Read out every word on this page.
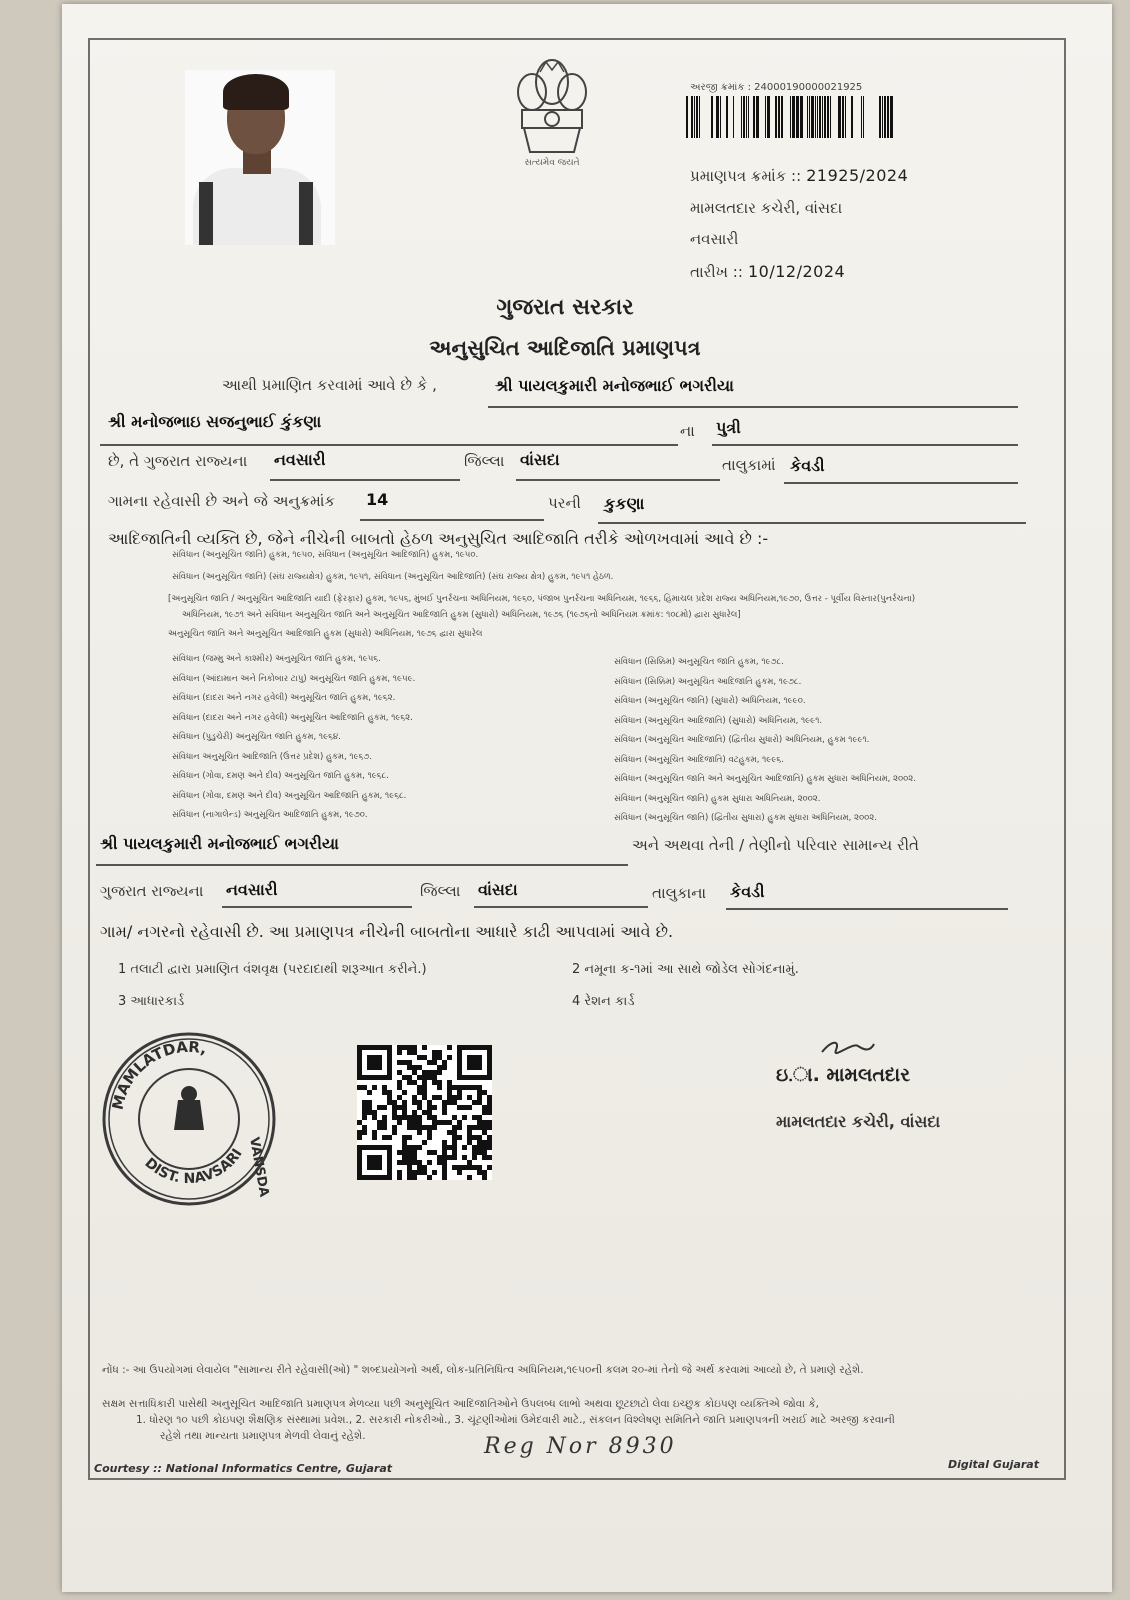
સત્યમેવ જયતે
અરજી ક્રમાંક : 24000190000021925
પ્રમાણપત્ર ક્રમાંક :: 21925/2024
મામલતદાર કચેરી, વાંસદા
નવસારી
તારીખ :: 10/12/2024
ગુજરાત સરકાર
અનુસુચિત આદિજાતિ પ્રમાણપત્ર
આથી પ્રમાણિત કરવામાં આવે છે કે ,	શ્રી પાયલકુમારી મનોજભાઈ ભગરીયા
શ્રી મનોજભાઇ સજનુભાઈ કુંકણા	ના પુત્રી
છે, તે ગુજરાત રાજ્યના નવસારી	જિલ્લા વાંસદા	તાલુકામાં કેવડી
ગામના રહેવાસી છે અને જે અનુક્રમાંક 14	પરની કુકણા
આદિજાતિની વ્યક્તિ છે, જેને નીચેની બાબતો હેઠળ અનુસુચિત આદિજાતિ તરીકે ઓળખવામાં આવે છે :-
સંવિધાન (અનુસૂચિત જાતિ) હુકમ, ૧૯૫૦, સંવિધાન (અનુસૂચિત આદિજાતિ) હુકમ, ૧૯૫૦.
સંવિધાન (અનુસૂચિત જાતિ) (સંઘ રાજ્યક્ષેત્ર) હુકમ, ૧૯૫૧, સંવિધાન (અનુસૂચિત આદિજાતિ) (સંઘ રાજ્ય ક્ષેત્ર) હુકમ, ૧૯૫૧ હેઠળ.
[અનુસૂચિત જાતિ / અનુસૂચિત આદિજાતિ યાદી (ફેરફાર) હુકમ, ૧૯૫૬, મુંબઈ પુનર્રચના અધિનિયમ, ૧૯૬૦, પંજાબ પુનર્રચના અધિનિયમ, ૧૯૬૬, હિમાચલ પ્રદેશ રાજ્ય અધિનિયમ,૧૯૭૦, ઉત્તર - પૂર્વીય વિસ્તાર(પુનર્રચના)
અધિનિયમ, ૧૯૭૧ અને સંવિધાન અનુસૂચિત જાતિ અને અનુસૂચિત આદિજાતિ હુકમ (સુધારો) અધિનિયમ, ૧૯૭૬ (૧૯૭૬નો અધિનિયમ ક્રમાંક: ૧૦૮મો) દ્વારા સુધારેલ]
અનુસૂચિત જાતિ અને અનુસૂચિત આદિજાતિ હુકમ (સુધારો) અધિનિયમ, ૧૯૭૬ દ્વારા સુધારેલ
સંવિધાન (જમ્મુ અને કાશ્મીર) અનુસૂચિત જાતિ હુકમ, ૧૯૫૬.
સંવિધાન (આંદામાન અને નિકોબાર ટાપુ) અનુસૂચિત જાતિ હુકમ, ૧૯૫૯.
સંવિધાન (દાદરા અને નગર હવેલી) અનુસૂચિત જાતિ હુકમ, ૧૯૬૨.
સંવિધાન (દાદરા અને નગર હવેલી) અનુસૂચિત આદિજાતિ હુકમ, ૧૯૬૨.
સંવિધાન (પુડુચેરી) અનુસૂચિત જાતિ હુકમ, ૧૯૬૪.
સંવિધાન અનુસૂચિત આદિજાતિ (ઉત્તર પ્રદેશ) હુકમ, ૧૯૬૭.
સંવિધાન (ગોવા, દમણ અને દીવ) અનુસૂચિત જાતિ હુકમ, ૧૯૬૮.
સંવિધાન (ગોવા, દમણ અને દીવ) અનુસૂચિત આદિજાતિ હુકમ, ૧૯૬૮.
સંવિધાન (નાગાલેન્ડ) અનુસૂચિત આદિજાતિ હુકમ, ૧૯૭૦.
સંવિધાન (સિક્કિમ) અનુસૂચિત જાતિ હુકમ, ૧૯૭૮.
સંવિધાન (સિક્કિમ) અનુસૂચિત આદિજાતિ હુકમ, ૧૯૭૮.
સંવિધાન (અનુસૂચિત જાતિ) (સુધારો) અધિનિયમ, ૧૯૯૦.
સંવિધાન (અનુસૂચિત આદિજાતિ) (સુધારો) અધિનિયમ, ૧૯૯૧.
સંવિધાન (અનુસૂચિત આદિજાતિ) (દ્વિતીય સુધારો) અધિનિયમ, હુકમ ૧૯૯૧.
સંવિધાન (અનુસૂચિત આદિજાતિ) વટહુકમ, ૧૯૯૬.
સંવિધાન (અનુસૂચિત જાતિ અને અનુસૂચિત આદિજાતિ) હુકમ સુધારા અધિનિયમ, ૨૦૦૨.
સંવિધાન (અનુસૂચિત જાતિ) હુકમ સુધારા અધિનિયમ, ૨૦૦૨.
સંવિધાન (અનુસૂચિત જાતિ) (દ્વિતીય સુધારા) હુકમ સુધારા અધિનિયમ, ૨૦૦૨.
શ્રી પાયલકુમારી મનોજભાઈ ભગરીયા	અને અથવા તેની / તેણીનો પરિવાર સામાન્ય રીતે
ગુજરાત રાજ્યના નવસારી	જિલ્લા વાંસદા	તાલુકાના કેવડી
ગામ/ નગરનો રહેવાસી છે. આ પ્રમાણપત્ર નીચેની બાબતોના આધારે કાઢી આપવામાં આવે છે.
1 તલાટી દ્વારા પ્રમાણિત વંશવૃક્ષ (પરદાદાથી શરૂઆત કરીને.)	2 નમૂના ક-૧માં આ સાથે જોડેલ સોગંદનામું.
3 આધારકાર્ડ	4 રેશન કાર્ડ
MAMLATDAR,
DIST. NAVSARI VANSDA
ઇ.ા. મામલતદાર
મામલતદાર કચેરી, વાંસદા
નોંધ :- આ ઉપયોગમાં લેવાયેલ "સામાન્ય રીતે રહેવાસી(ઓ) " શબ્દપ્રયોગનો અર્થ, લોક-પ્રતિનિધિત્વ અધિનિયમ,૧૯૫૦ની કલમ ૨૦-માં તેનો જે અર્થ કરવામાં આવ્યો છે, તે પ્રમાણે રહેશે.
સક્ષમ સત્તાધિકારી પાસેથી અનુસૂચિત આદિજાતિ પ્રમાણપત્ર મેળવ્યા પછી અનુસૂચિત આદિજાતિઓને ઉપલબ્ધ લાભો અથવા છૂટછાટો લેવા ઇચ્છુક કોઇપણ વ્યક્તિએ જોવા કે,
1. ધોરણ ૧૦ પછી કોઇપણ શૈક્ષણિક સંસ્થામાં પ્રવેશ., 2. સરકારી નોકરીઓ., 3. ચૂંટણીઓમાં ઉમેદવારી માટે., સંકલન વિશ્લેષણ સમિતિને જાતિ પ્રમાણપત્રની ખરાઈ માટે અરજી કરવાની
રહેશે તથા માન્યતા પ્રમાણપત્ર મેળવી લેવાનું રહેશે.	Reg Nor 8930
Courtesy :: National Informatics Centre, Gujarat	Digital Gujarat
